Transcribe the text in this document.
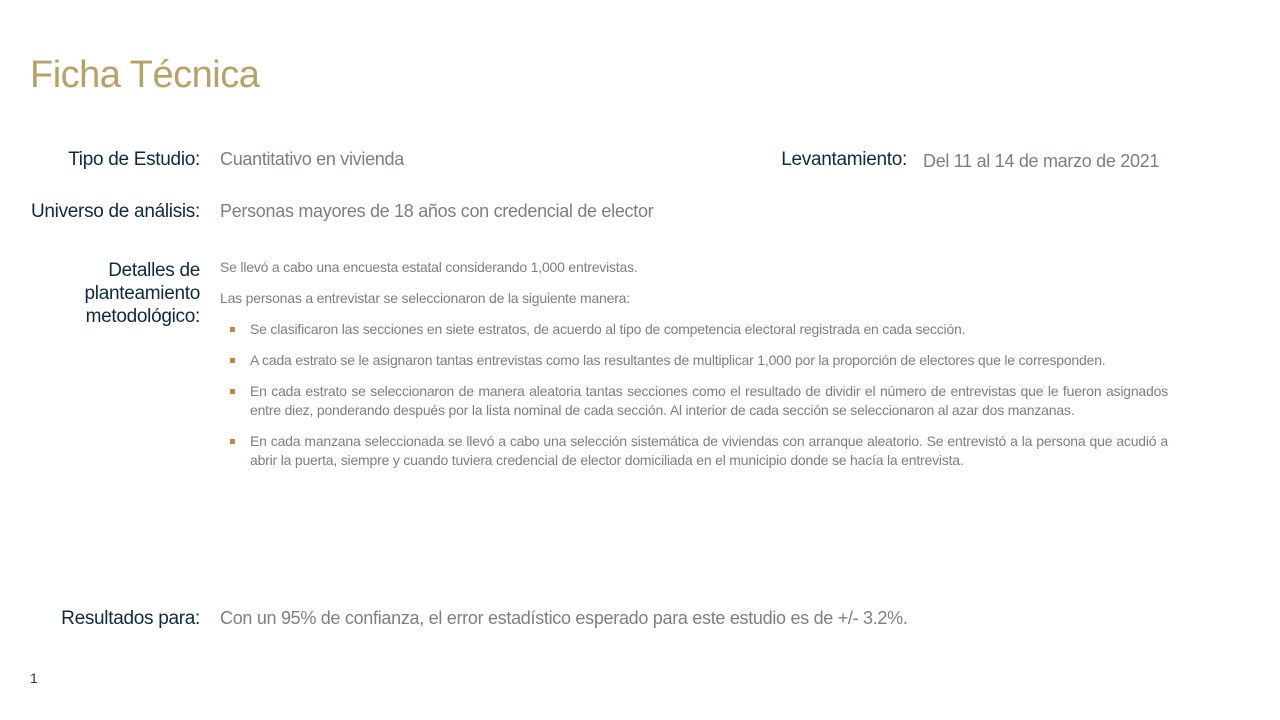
Ficha Técnica
Tipo de Estudio: Cuantitativo en vivienda	Levantamiento: Del 11 al 14 de marzo de 2021
Universo de análisis: Personas mayores de 18 años con credencial de elector
Detalles de
planteamiento
metodológico:

Se llevó a cabo una encuesta estatal considerando 1,000 entrevistas.

Las personas a entrevistar se seleccionaron de la siguiente manera:

Se clasificaron las secciones en siete estratos, de acuerdo al tipo de competencia electoral registrada en cada sección.
A cada estrato se le asignaron tantas entrevistas como las resultantes de multiplicar 1,000 por la proporción de electores que le corresponden.
En cada estrato se seleccionaron de manera aleatoria tantas secciones como el resultado de dividir el número de entrevistas que le fueron asignados entre diez, ponderando después por la lista nominal de cada sección. Al interior de cada sección se seleccionaron al azar dos manzanas.
En cada manzana seleccionada se llevó a cabo una selección sistemática de viviendas con arranque aleatorio. Se entrevistó a la persona que acudió a abrir la puerta, siempre y cuando tuviera credencial de elector domiciliada en el municipio donde se hacía la entrevista.
Resultados para: Con un 95% de confianza, el error estadístico esperado para este estudio es de +/- 3.2%.
1
